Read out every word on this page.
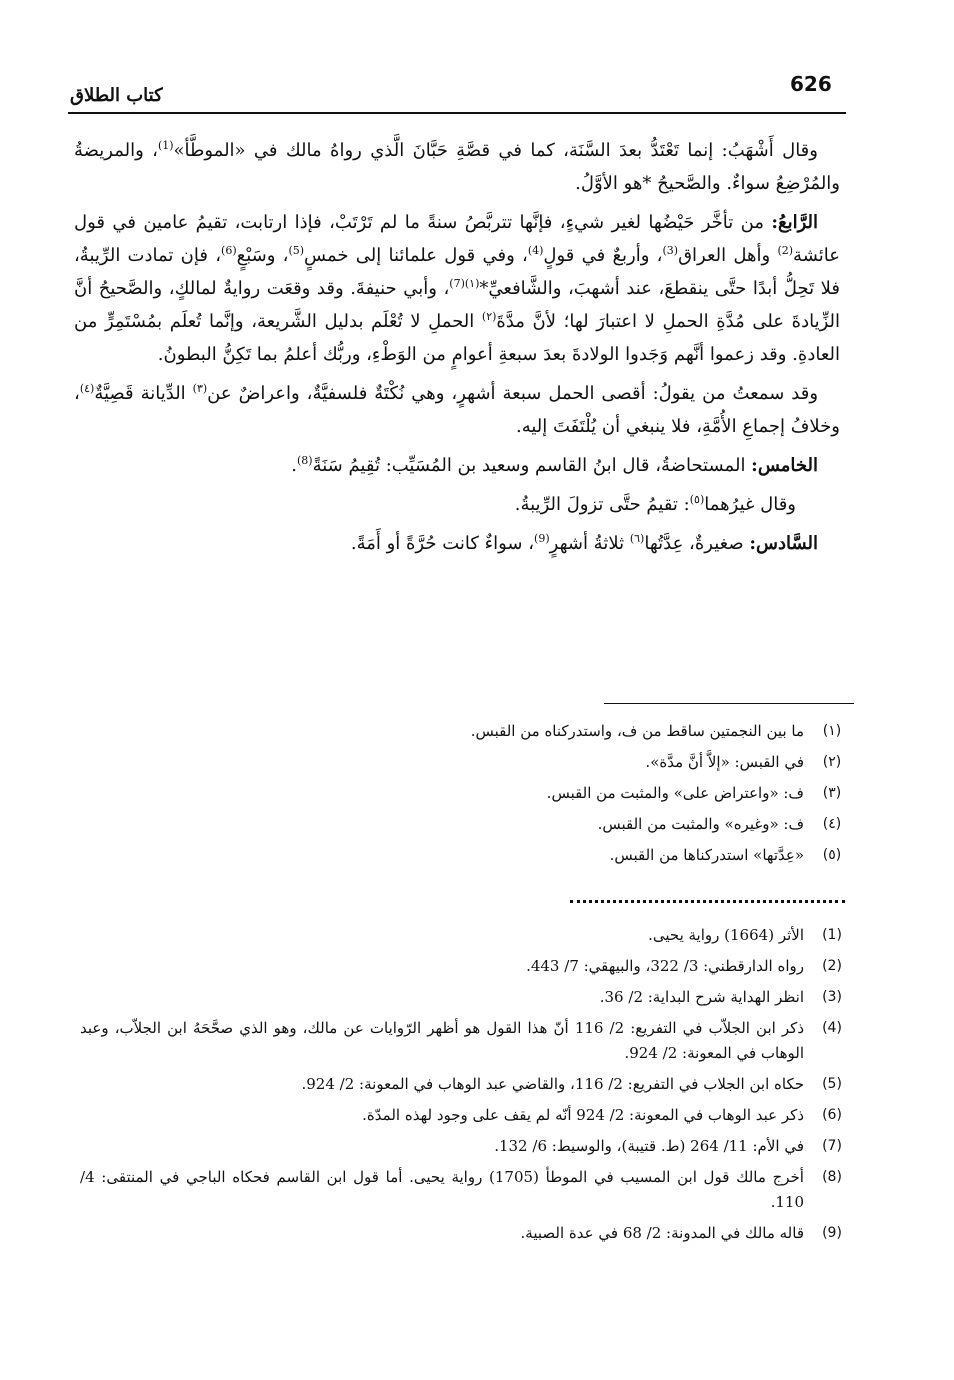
626
كتاب الطلاق

وقال أَشْهَبُ: إنما تَعْتَدُّ بعدَ السَّنَة، كما في قصَّةِ حَبَّانَ الَّذي رواهُ مالك في «الموطَّأ»$^{(1)}$، والمريضةُ والمُرْضِعُ سواءٌ. والصَّحيحُ *هو الأوَّلُ.

الرَّابعُ: من تأخَّر حَيْضُها لغير شيءٍ، فإنَّها تتربَّصُ سنةً ما لم تَرْتَبْ، فإذا ارتابت، تقيمُ عامين في قول عائشة$^{(2)}$ وأهل العراق$^{(3)}$، وأربعٌ في قولٍ$^{(4)}$، وفي قول علمائنا إلى خمسٍ$^{(5)}$، وسَبْعٍ$^{(6)}$، فإن تمادت الرِّيبةُ، فلا تَحِلُّ أبدًا حتَّى ينقطعَ، عند أشهبَ، والشَّافعيِّ*$^{(١)(7)}$، وأبي حنيفةَ. وقد وقعَت روايةٌ لمالكٍ، والصَّحيحُ أنَّ الزِّيادةَ على مُدَّةِ الحملِ لا اعتبارَ لها؛ لأنَّ مدَّةَ$^{(٢)}$ الحملِ لا تُعْلَم بدليل الشَّريعة، وإنَّما تُعلَم بمُسْتَمِرٍّ من العادةِ. وقد زعموا أنَّهم وَجَدوا الولادةَ بعدَ سبعةِ أعوامٍ من الوَطْءِ، وربُّك أعلمُ بما تَكِنُّ البطونُ.

وقد سمعتُ من يقولُ: أقصى الحمل سبعة أشهرٍ، وهي نُكْتَةٌ فلسفيَّةٌ، واعراضٌ عن$^{(٣)}$ الدِّيانة قَصِيَّةٌ$^{(٤)}$، وخلافُ إجماعِ الأُمَّةِ، فلا ينبغي أن يُلْتَفَتَ إليه.

الخامس: المستحاضةُ، قال ابنُ القاسم وسعيد بن المُسَيِّب: تُقِيمُ سَنَةً$^{(8)}$.

وقال غيرُهما$^{(٥)}$: تقيمُ حتَّى تزولَ الرِّيبةُ.

السَّادس: صغيرةٌ، عِدَّتُها$^{(٦)}$ ثلاثةُ أشهرٍ$^{(9)}$، سواءٌ كانت حُرَّةً أو أَمَةً.

(١)
ما بين النجمتين ساقط من ف، واستدركناه من القبس.
(٢)
في القبس: «إلاَّ أنَّ مدَّة».
(٣)
ف: «واعتراض على» والمثبت من القبس.
(٤)
ف: «وغيره» والمثبت من القبس.
(٥)
«عِدَّتها» استدركناها من القبس.
(1)
الأثر (1664) رواية يحيى.
(2)
رواه الدارقطني: 3/ 322، والبيهقي: 7/ 443.
(3)
انظر الهداية شرح البداية: 2/ 36.
(4)
ذكر ابن الجلاّب في التفريع: 2/ 116 أنّ هذا القول هو أظهر الرّوايات عن مالك، وهو الذي صحَّحَهُ ابن الجلاّب، وعبد الوهاب في المعونة: 2/ 924.
(5)
حكاه ابن الجلاب في التفريع: 2/ 116، والقاضي عبد الوهاب في المعونة: 2/ 924.
(6)
ذكر عبد الوهاب في المعونة: 2/ 924 أنّه لم يقف على وجود لهذه المدّة.
(7)
في الأم: 11/ 264 (ط. قتيبة)، والوسيط: 6/ 132.
(8)
أخرج مالك قول ابن المسيب في الموطأ (1705) رواية يحيى. أما قول ابن القاسم فحكاه الباجي في المنتقى: 4/ 110.
(9)
قاله مالك في المدونة: 2/ 68 في عدة الصبية.
